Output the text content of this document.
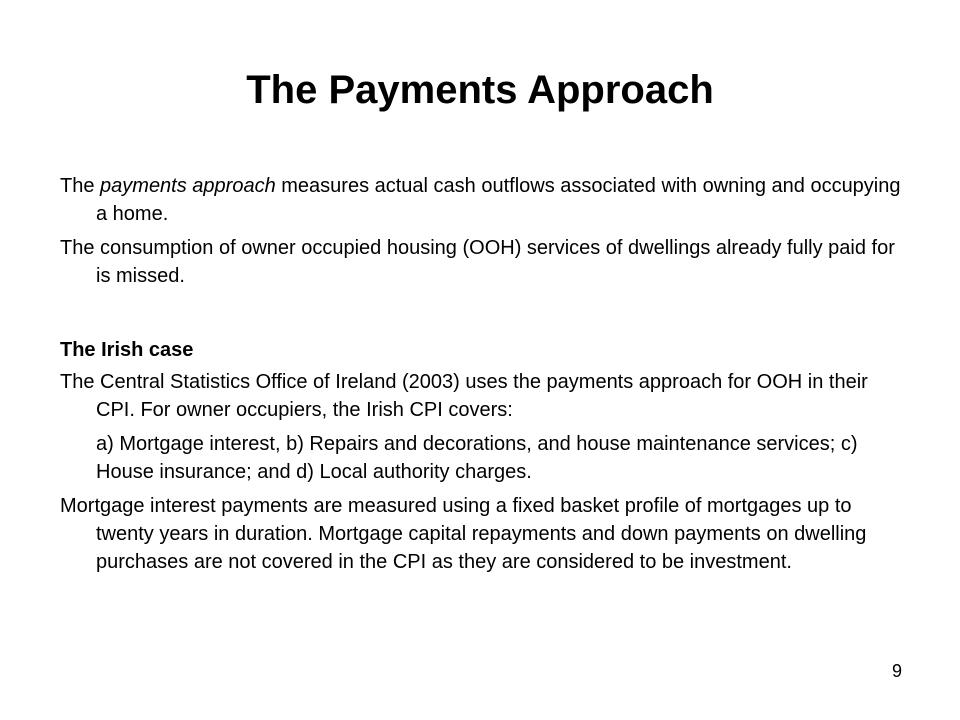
The Payments Approach

The payments approach measures actual cash outflows associated with owning and occupying a home.

The consumption of owner occupied housing (OOH) services of dwellings already fully paid for is missed.

The Irish case

The Central Statistics Office of Ireland (2003) uses the payments approach for OOH in their CPI. For owner occupiers, the Irish CPI covers:

a) Mortgage interest, b) Repairs and decorations, and house maintenance services; c) House insurance; and d) Local authority charges.

Mortgage interest payments are measured using a fixed basket profile of mortgages up to twenty years in duration. Mortgage capital repayments and down payments on dwelling purchases are not covered in the CPI as they are considered to be investment.

9
